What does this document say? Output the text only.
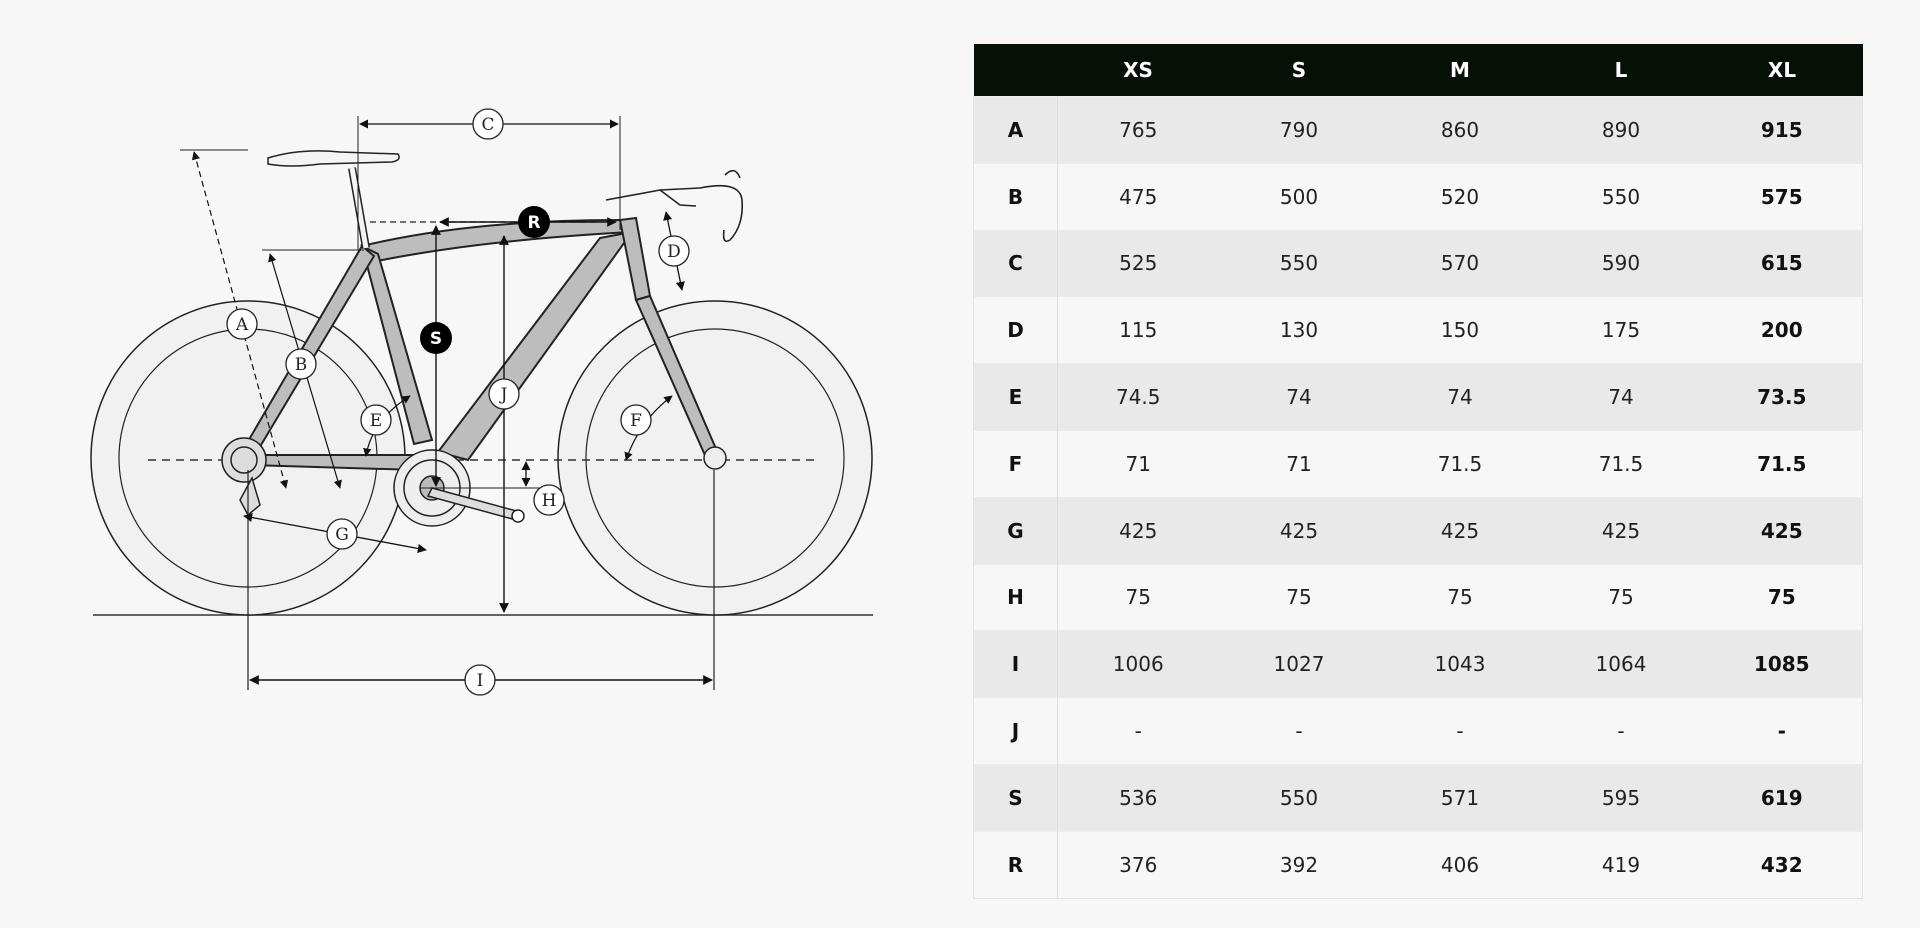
A
B
C
D
E	F
G
H
I
J
S
R
	XS	S	M	L	XL
A	765	790	860	890	915
B	475	500	520	550	575
C	525	550	570	590	615
D	115	130	150	175	200
E	74.5	74	74	74	73.5
F	71	71	71.5	71.5	71.5
G	425	425	425	425	425
H	75	75	75	75	75
I	1006	1027	1043	1064	1085
J	-	-	-	-	-
S	536	550	571	595	619
R	376	392	406	419	432
